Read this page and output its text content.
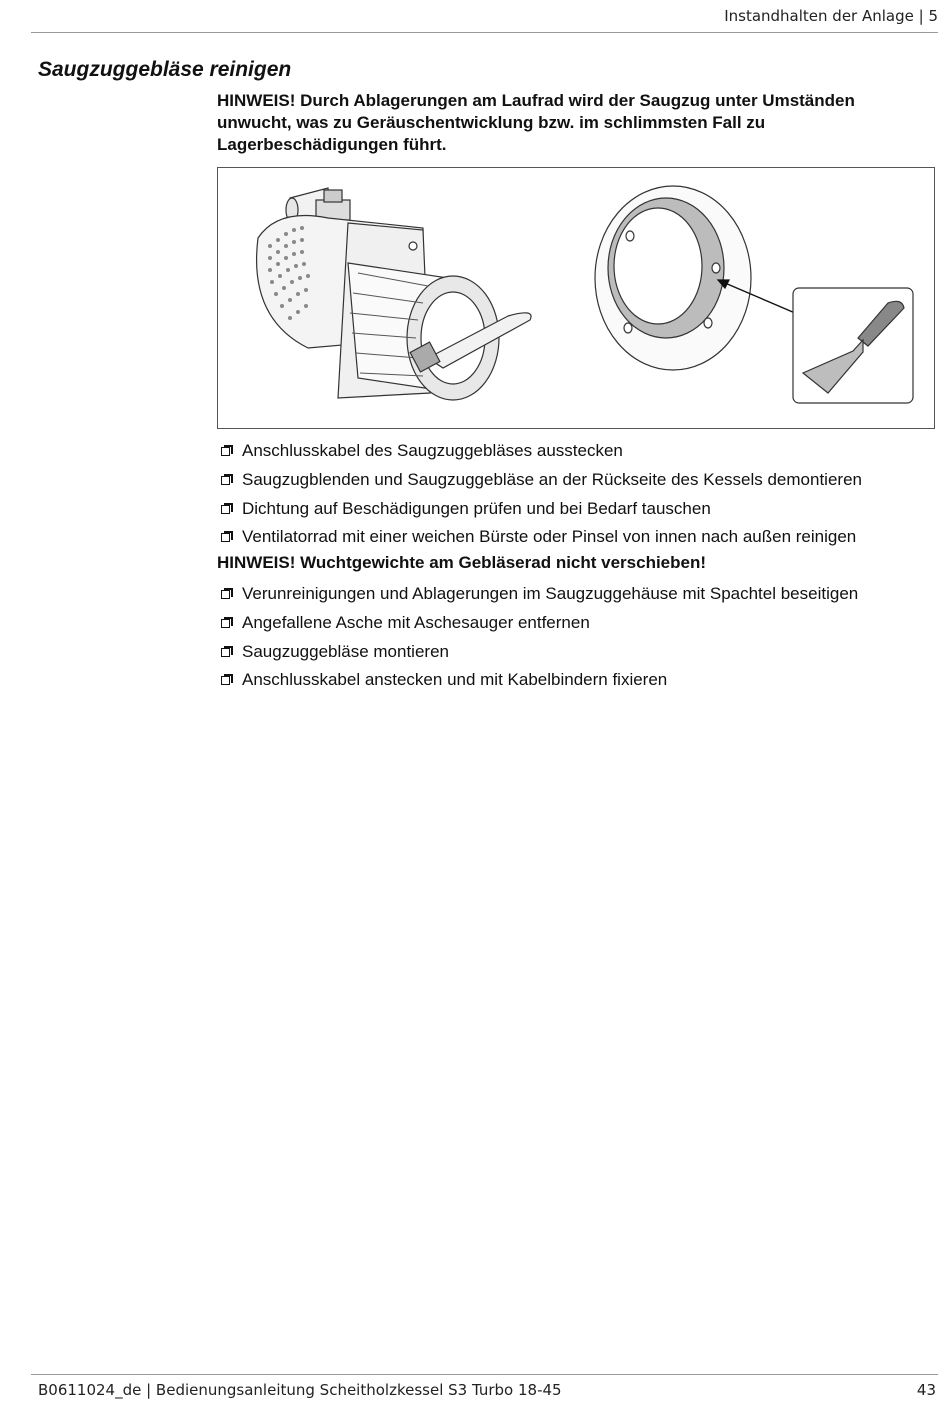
Instandhalten der Anlage | 5
Saugzuggebläse reinigen
HINWEIS! Durch Ablagerungen am Laufrad wird der Saugzug unter Umständen unwucht, was zu Geräuschentwicklung bzw. im schlimmsten Fall zu Lagerbeschädigungen führt.
Anschlusskabel des Saugzuggebläses ausstecken
Saugzugblenden und Saugzuggebläse an der Rückseite des Kessels demontieren
Dichtung auf Beschädigungen prüfen und bei Bedarf tauschen
Ventilatorrad mit einer weichen Bürste oder Pinsel von innen nach außen reinigen
HINWEIS! Wuchtgewichte am Gebläserad nicht verschieben!
Verunreinigungen und Ablagerungen im Saugzuggehäuse mit Spachtel beseitigen
Angefallene Asche mit Aschesauger entfernen
Saugzuggebläse montieren
Anschlusskabel anstecken und mit Kabelbindern fixieren
B0611024_de | Bedienungsanleitung Scheitholzkessel S3 Turbo 18-45	43
